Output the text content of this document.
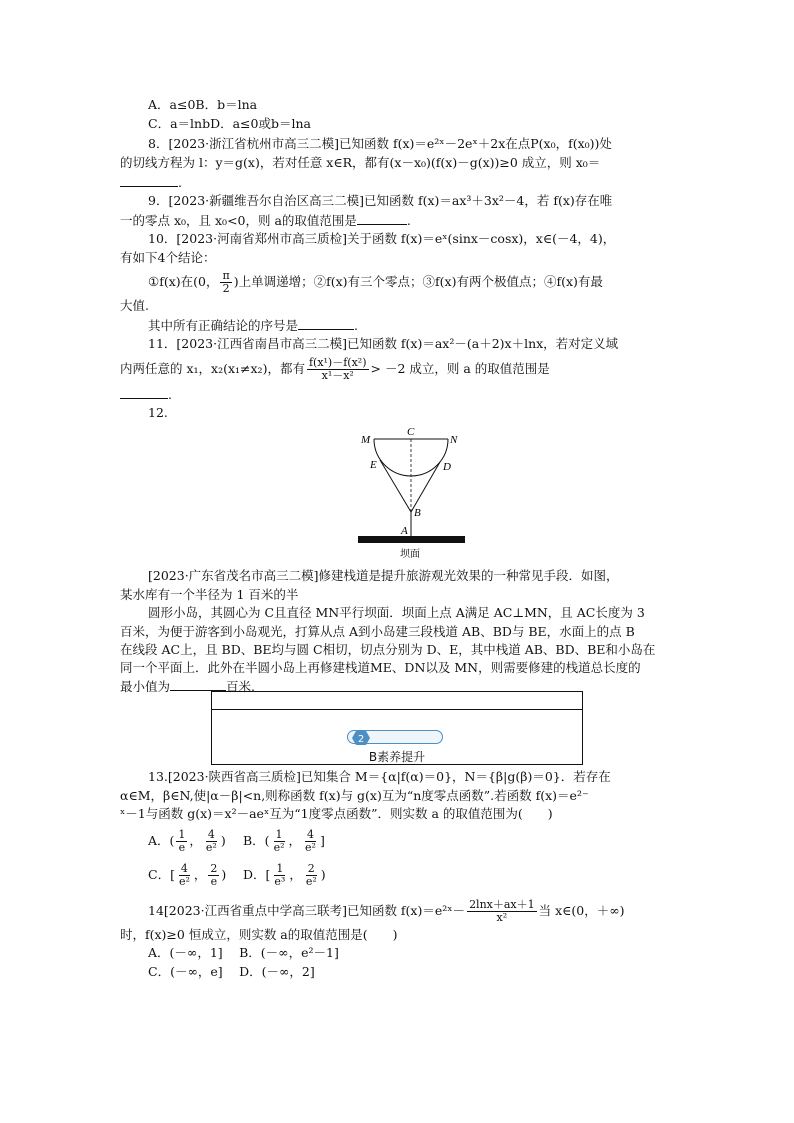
A．a≤0B．b＝lna
C．a＝lnbD．a≤0或b＝lna
8．[2023·浙江省杭州市高三二模]已知函数 f(x)＝e²ˣ－2eˣ＋2x在点P(x₀，f(x₀))处
的切线方程为 l：y＝g(x)，若对任意 x∈R，都有(x－x₀)(f(x)－g(x))≥0 成立，则 x₀＝
.
9．[2023·新疆维吾尔自治区高三二模]已知函数 f(x)＝ax³＋3x²－4，若 f(x)存在唯
一的零点 x₀，且 x₀<0，则 a的取值范围是	.
10．[2023·河南省郑州市高三质检]关于函数 f(x)＝eˣ(sinx－cosx)，x∈(－4，4)，
有如下4个结论：
①f(x)在(0， $\frac{\pi}{2}$ )上单调递增；②f(x)有三个零点；③f(x)有两个极值点；④f(x)有最
大值.
其中所有正确结论的序号是	.
11．[2023·江西省南昌市高三二模]已知函数 f(x)＝ax²－(a＋2)x＋lnx，若对定义域
内两任意的 x₁，x₂(x₁≠x₂)，都有 $\frac{\text{f(x¹)－f(x²)}}{\text{x¹－x²}} > -2$ 成立，则 a 的取值范围是
.
12.
M
C
N
E	D
B
A
坝面
[2023·广东省茂名市高三二模]修建栈道是提升旅游观光效果的一种常见手段．如图，
某水库有一个半径为 1 百米的半
圆形小岛，其圆心为 C且直径 MN平行坝面．坝面上点 A满足 AC⊥MN，且 AC长度为 3
百米，为便于游客到小岛观光，打算从点 A到小岛建三段栈道 AB、BD与 BE，水面上的点 B
在线段 AC上，且 BD、BE均与圆 C相切，切点分别为 D、E，其中栈道 AB、BD、BE和小岛在
同一个平面上．此外在半圆小岛上再修建栈道ME、DN以及 MN，则需要修建的栈道总长度的
最小值为	百米.
2
B素养提升
13.[2023·陕西省高三质检]已知集合 M＝{α|f(α)＝0}，N＝{β|g(β)＝0}．若存在
α∈M，β∈N,使|α－β|<n,则称函数 f(x)与 g(x)互为“n度零点函数”.若函数 f(x)＝e²⁻
ˣ－1与函数 g(x)＝x²－aeˣ互为“1度零点函数”．则实数 a 的取值范围为(　　)
A．( $\frac{1}{e}$ ， $\frac{4}{\text{e²}}$ ) B．( $\frac{1}{\text{e²}}$ ， $\frac{4}{\text{e²}}$ ]
C．[ $\frac{4}{\text{e²}}$ ， $\frac{2}{e}$ ) D．[ $\frac{1}{\text{e³}}$ ， $\frac{2}{\text{e²}}$ )
14[2023·江西省重点中学高三联考]已知函数 f(x)＝e²ˣ－ $\frac{2\ln x+ax+1}{\text{x²}}$ 当 x∈(0，＋∞)
时，f(x)≥0 恒成立，则实数 a的取值范围是(　　)
A．(－∞，1]　 B．(－∞，e²－1]
C．(－∞，e]　 D．(－∞，2]
